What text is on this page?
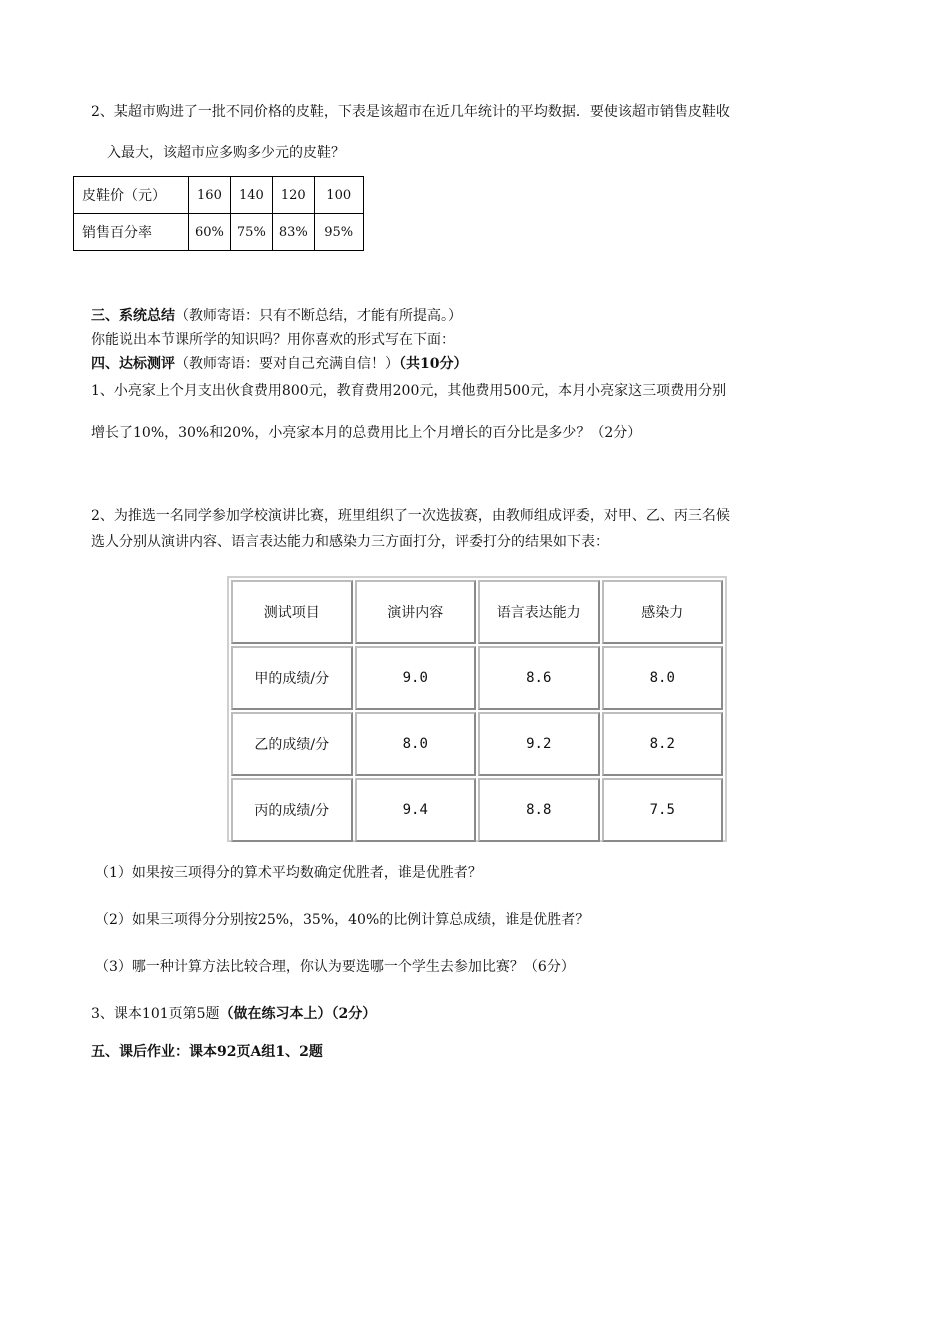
2、某超市购进了一批不同价格的皮鞋，下表是该超市在近几年统计的平均数据．要使该超市销售皮鞋收
入最大，该超市应多购多少元的皮鞋？
皮鞋价（元）	160	140	120	100
销售百分率	60%	75%	83%	95%
三、系统总结（教师寄语：只有不断总结，才能有所提高。）
你能说出本节课所学的知识吗？用你喜欢的形式写在下面：
四、达标测评（教师寄语：要对自己充满自信！）（共10分）
1、小亮家上个月支出伙食费用800元，教育费用200元，其他费用500元，本月小亮家这三项费用分别
增长了10%，30%和20%，小亮家本月的总费用比上个月增长的百分比是多少？（2分）
2、为推选一名同学参加学校演讲比赛，班里组织了一次选拔赛，由教师组成评委，对甲、乙、丙三名候
选人分别从演讲内容、语言表达能力和感染力三方面打分，评委打分的结果如下表：
测试项目	演讲内容	语言表达能力	感染力
甲的成绩/分	9.0	8.6	8.0
乙的成绩/分	8.0	9.2	8.2
丙的成绩/分	9.4	8.8	7.5
（1）如果按三项得分的算术平均数确定优胜者，谁是优胜者？
（2）如果三项得分分别按25%，35%，40%的比例计算总成绩，谁是优胜者？
（3）哪一种计算方法比较合理，你认为要选哪一个学生去参加比赛？（6分）
3、课本101页第5题（做在练习本上）（2分）
五、课后作业：课本92页A组1、2题
